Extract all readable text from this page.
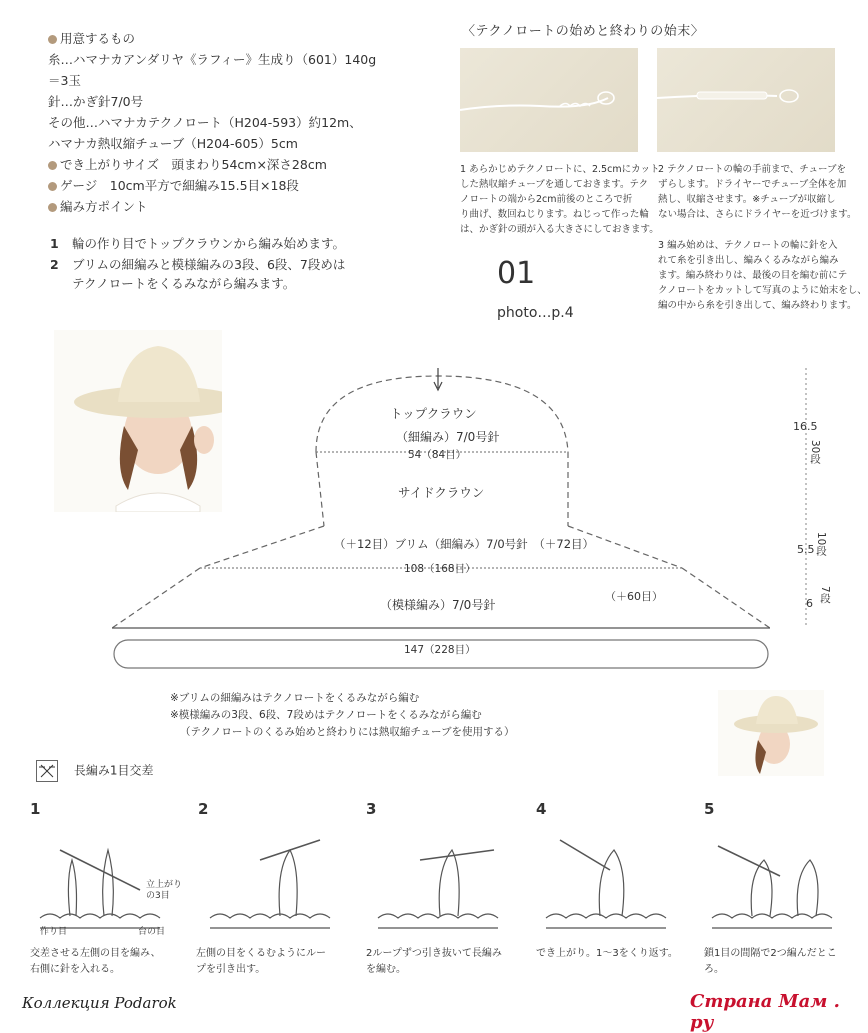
用意するもの
糸…ハマナカアンダリヤ《ラフィー》生成り（601）140g
＝3玉
針…かぎ針7/0号
その他…ハマナカテクノロート（H204-593）約12m、
ハマナカ熱収縮チューブ（H204-605）5cm
でき上がりサイズ　頭まわり54cm×深さ28cm
ゲージ　10cm平方で細編み15.5目×18段
編み方ポイント
1 輪の作り目でトップクラウンから編み始めます。
2 ブリムの細編みと模様編みの3段、6段、7段めは
テクノロートをくるみながら編みます。
〈テクノロートの始めと終わりの始末〉
1 あらかじめテクノロートに、2.5cmにカット
した熱収縮チューブを通しておきます。テク
ノロートの端から2cm前後のところで折
り曲げ、数回ねじります。ねじって作った輪
は、かぎ針の頭が入る大きさにしておきます。
2 テクノロートの輪の手前まで、チューブを
ずらします。ドライヤーでチューブ全体を加
熱し、収縮させます。※チューブが収縮し
ない場合は、さらにドライヤーを近づけます。
3 編み始めは、テクノロートの輪に針を入
れて糸を引き出し、編みくるみながら編み
ます。編み終わりは、最後の目を編む前にテ
クノロートをカットして写真のように始末をし、
編の中から糸を引き出して、編み終わります。
01
photo…p.4
トップクラウン
（細編み）7/0号針
54（84目）
サイドクラウン
（＋12目）ブリム（細編み）7/0号針　（＋72目）
108（168目）
（模様編み）7/0号針
（＋60目）
147（228目）
16.5
30段
5.5 10段
6
7段
※ブリムの細編みはテクノロートをくるみながら編む
※模様編みの3段、6段、7段めはテクノロートをくるみながら編む
（テクノロートのくるみ始めと終わりには熱収縮チューブを使用する）
長編み1目交差
1	2	3	4	5
立上がり
の3目
作り目	台の目
交差させる左側の目を編み、
右側に針を入れる。
左側の目をくるむようにルー
プを引き出す。
2ループずつ引き抜いて長編み
を編む。
でき上がり。1～3をくり返す。	鎖1目の間隔で2つ編んだとこ
ろ。
Коллекция Podarok	Страна Мам . ру
